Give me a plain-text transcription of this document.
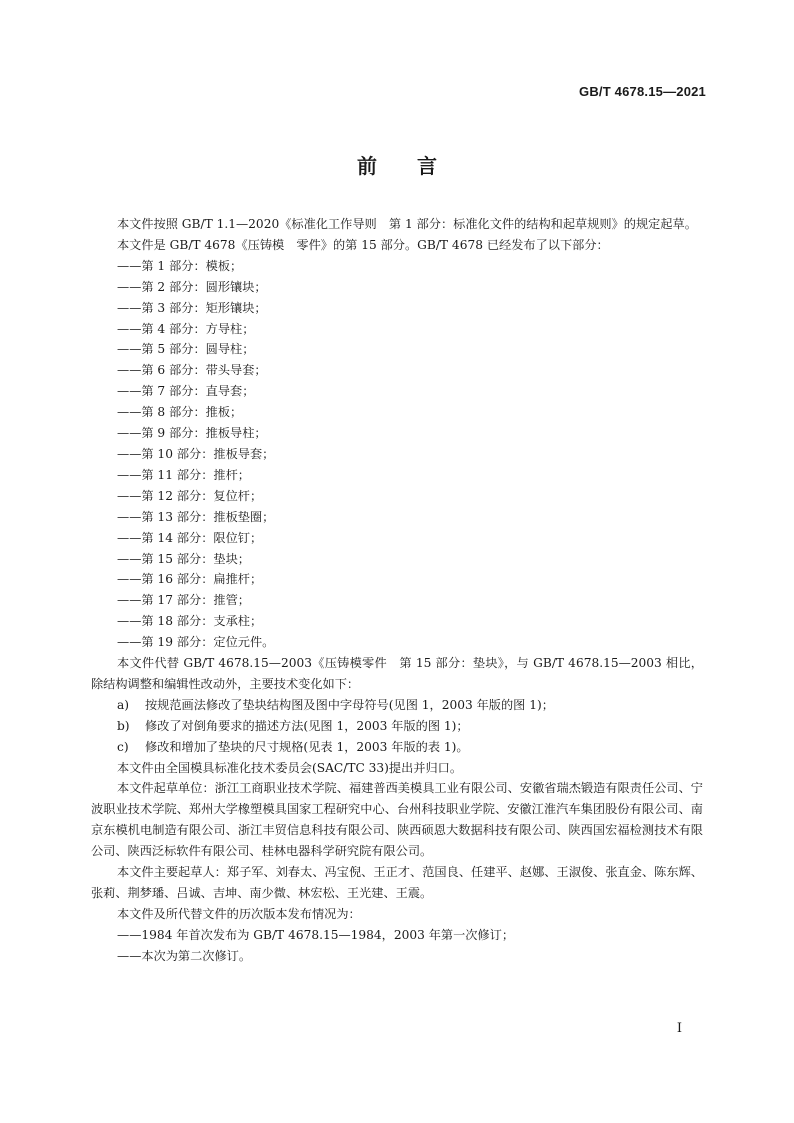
GB/T 4678.15—2021
前　　言

本文件按照 GB/T 1.1—2020《标准化工作导则　第 1 部分：标准化文件的结构和起草规则》的规定起草。

本文件是 GB/T 4678《压铸模　零件》的第 15 部分。GB/T 4678 已经发布了以下部分：

——第 1 部分：模板；

——第 2 部分：圆形镶块；

——第 3 部分：矩形镶块；

——第 4 部分：方导柱；

——第 5 部分：圆导柱；

——第 6 部分：带头导套；

——第 7 部分：直导套；

——第 8 部分：推板；

——第 9 部分：推板导柱；

——第 10 部分：推板导套；

——第 11 部分：推杆；

——第 12 部分：复位杆；

——第 13 部分：推板垫圈；

——第 14 部分：限位钉；

——第 15 部分：垫块；

——第 16 部分：扁推杆；

——第 17 部分：推管；

——第 18 部分：支承柱；

——第 19 部分：定位元件。

本文件代替 GB/T 4678.15—2003《压铸模零件　第 15 部分：垫块》，与 GB/T 4678.15—2003 相比，除结构调整和编辑性改动外，主要技术变化如下：

a) 按规范画法修改了垫块结构图及图中字母符号(见图 1，2003 年版的图 1)；

b) 修改了对倒角要求的描述方法(见图 1，2003 年版的图 1)；

c) 修改和增加了垫块的尺寸规格(见表 1，2003 年版的表 1)。

本文件由全国模具标准化技术委员会(SAC/TC 33)提出并归口。

本文件起草单位：浙江工商职业技术学院、福建普西美模具工业有限公司、安徽省瑞杰锻造有限责任公司、宁波职业技术学院、郑州大学橡塑模具国家工程研究中心、台州科技职业学院、安徽江淮汽车集团股份有限公司、南京东模机电制造有限公司、浙江丰贸信息科技有限公司、陕西硕恩大数据科技有限公司、陕西国宏福检测技术有限公司、陕西泛标软件有限公司、桂林电器科学研究院有限公司。

本文件主要起草人：郑子军、刘春太、冯宝倪、王正才、范国良、任建平、赵娜、王淑俊、张直金、陈东辉、张莉、荆梦璠、吕诚、吉坤、南少微、林宏松、王光建、王震。

本文件及所代替文件的历次版本发布情况为：

——1984 年首次发布为 GB/T 4678.15—1984，2003 年第一次修订；

——本次为第二次修订。

I
